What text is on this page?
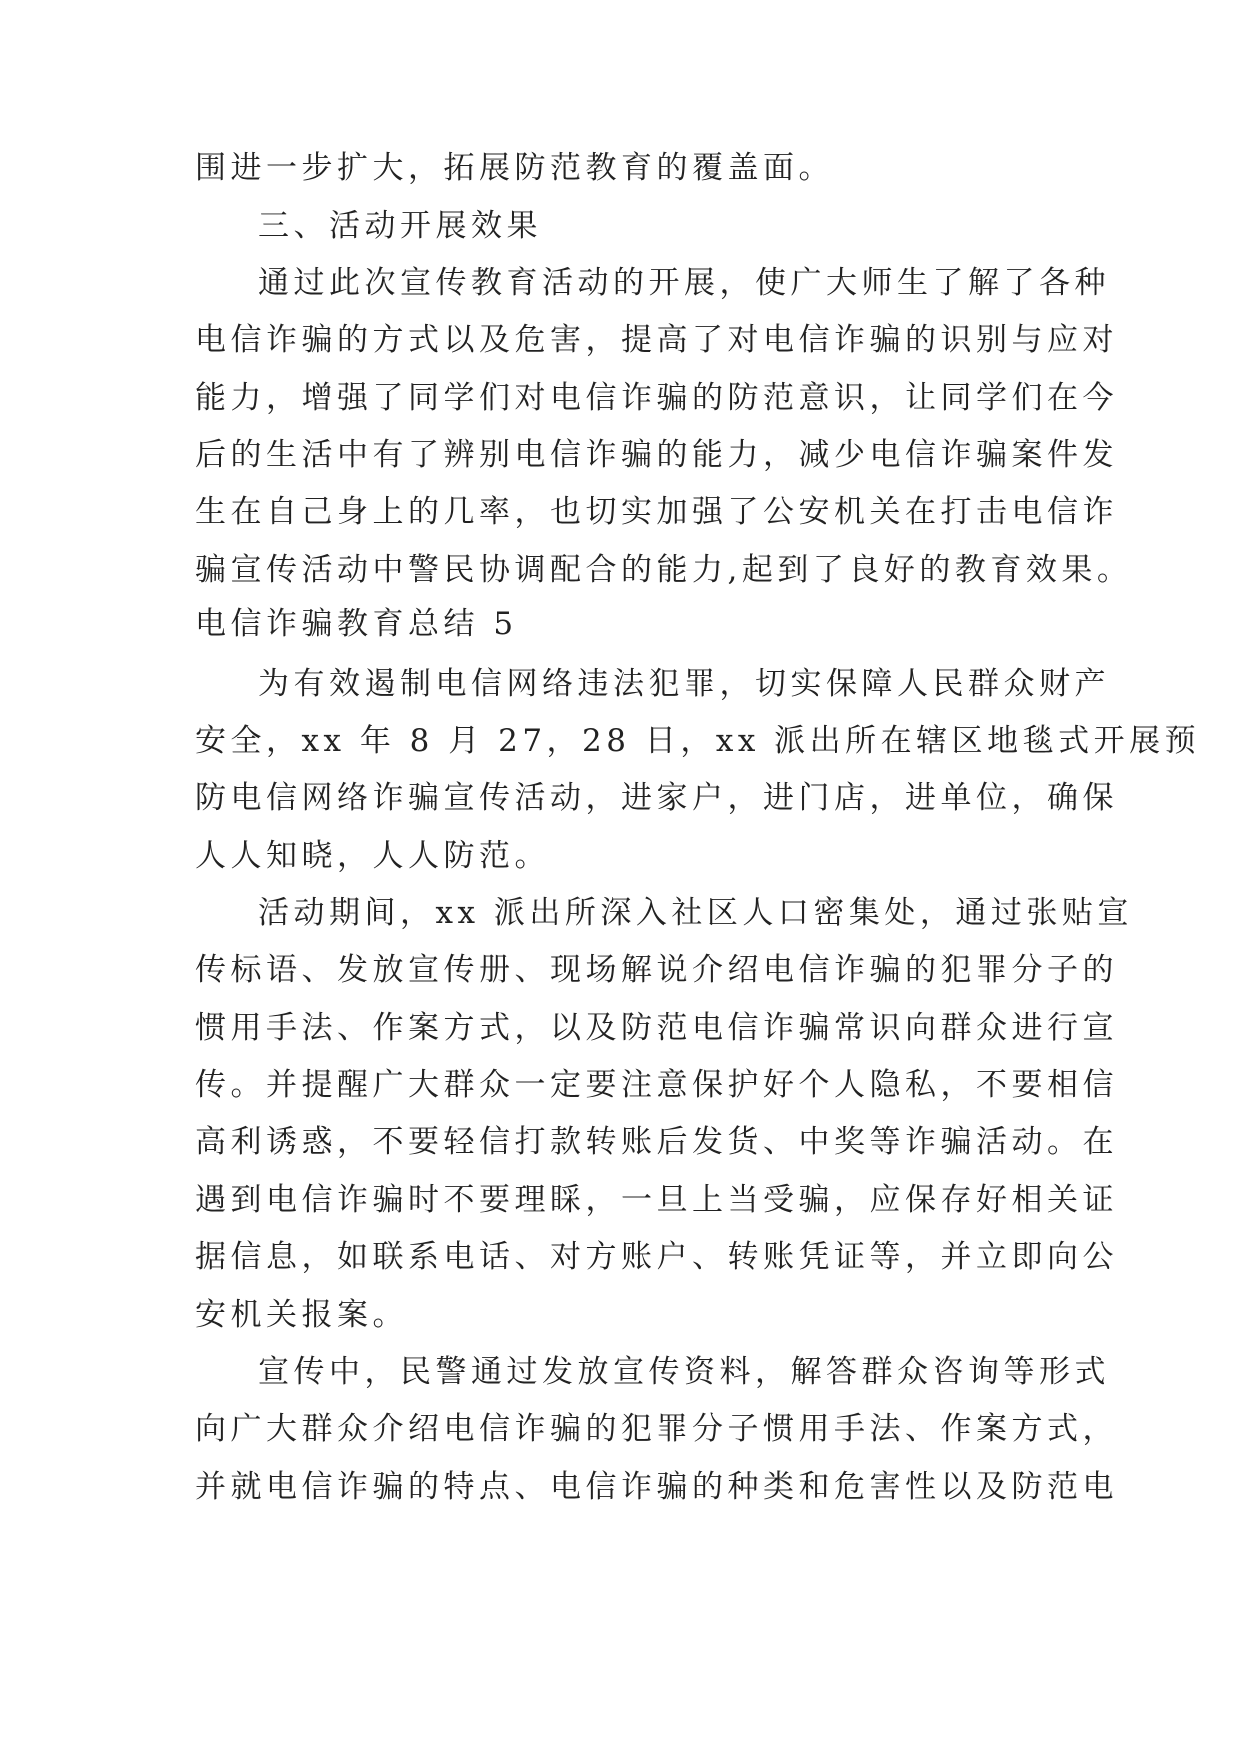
围进一步扩大，拓展防范教育的覆盖面。
三、活动开展效果
通过此次宣传教育活动的开展，使广大师生了解了各种
电信诈骗的方式以及危害，提高了对电信诈骗的识别与应对
能力，增强了同学们对电信诈骗的防范意识，让同学们在今
后的生活中有了辨别电信诈骗的能力，减少电信诈骗案件发
生在自己身上的几率，也切实加强了公安机关在打击电信诈
骗宣传活动中警民协调配合的能力,起到了良好的教育效果。
电信诈骗教育总结 5
为有效遏制电信网络违法犯罪，切实保障人民群众财产
安全，xx 年 8 月 27，28 日，xx 派出所在辖区地毯式开展预
防电信网络诈骗宣传活动，进家户，进门店，进单位，确保
人人知晓，人人防范。
活动期间，xx 派出所深入社区人口密集处，通过张贴宣
传标语、发放宣传册、现场解说介绍电信诈骗的犯罪分子的
惯用手法、作案方式，以及防范电信诈骗常识向群众进行宣
传。并提醒广大群众一定要注意保护好个人隐私，不要相信
高利诱惑，不要轻信打款转账后发货、中奖等诈骗活动。在
遇到电信诈骗时不要理睬，一旦上当受骗，应保存好相关证
据信息，如联系电话、对方账户、转账凭证等，并立即向公
安机关报案。
宣传中，民警通过发放宣传资料，解答群众咨询等形式
向广大群众介绍电信诈骗的犯罪分子惯用手法、作案方式，
并就电信诈骗的特点、电信诈骗的种类和危害性以及防范电
